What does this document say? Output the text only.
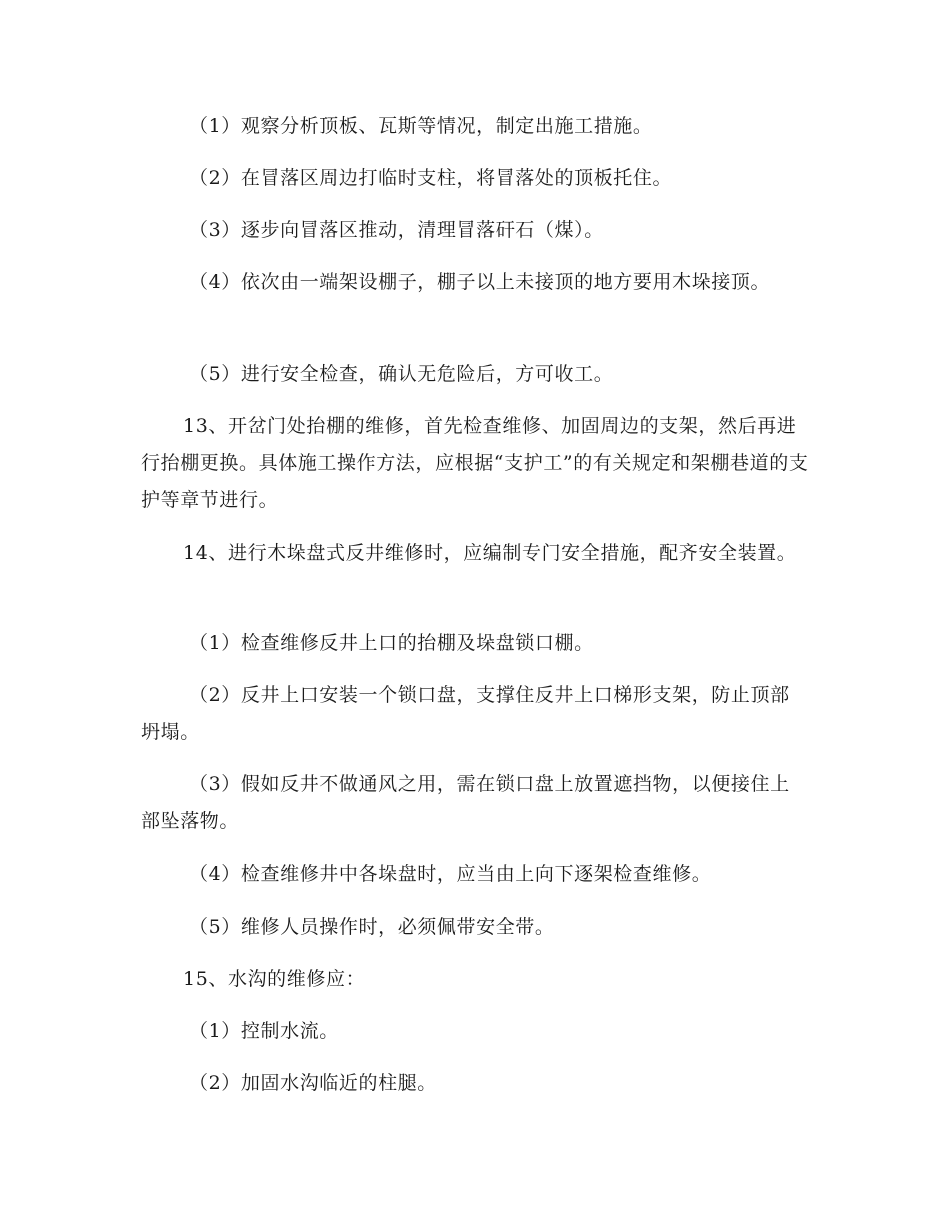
（1）观察分析顶板、瓦斯等情况，制定出施工措施。

（2）在冒落区周边打临时支柱，将冒落处的顶板托住。

（3）逐步向冒落区推动，清理冒落矸石（煤）。

（4）依次由一端架设棚子，棚子以上未接顶的地方要用木垛接顶。

（5）进行安全检查，确认无危险后，方可收工。

13、开岔门处抬棚的维修，首先检查维修、加固周边的支架，然后再进行抬棚更换。具体施工操作方法，应根据“支护工”的有关规定和架棚巷道的支护等章节进行。

14、进行木垛盘式反井维修时，应编制专门安全措施，配齐安全装置。

（1）检查维修反井上口的抬棚及垛盘锁口棚。

（2）反井上口安装一个锁口盘，支撑住反井上口梯形支架，防止顶部坍塌。

（3）假如反井不做通风之用，需在锁口盘上放置遮挡物，以便接住上部坠落物。

（4）检查维修井中各垛盘时，应当由上向下逐架检查维修。

（5）维修人员操作时，必须佩带安全带。

15、水沟的维修应：

（1）控制水流。

（2）加固水沟临近的柱腿。
